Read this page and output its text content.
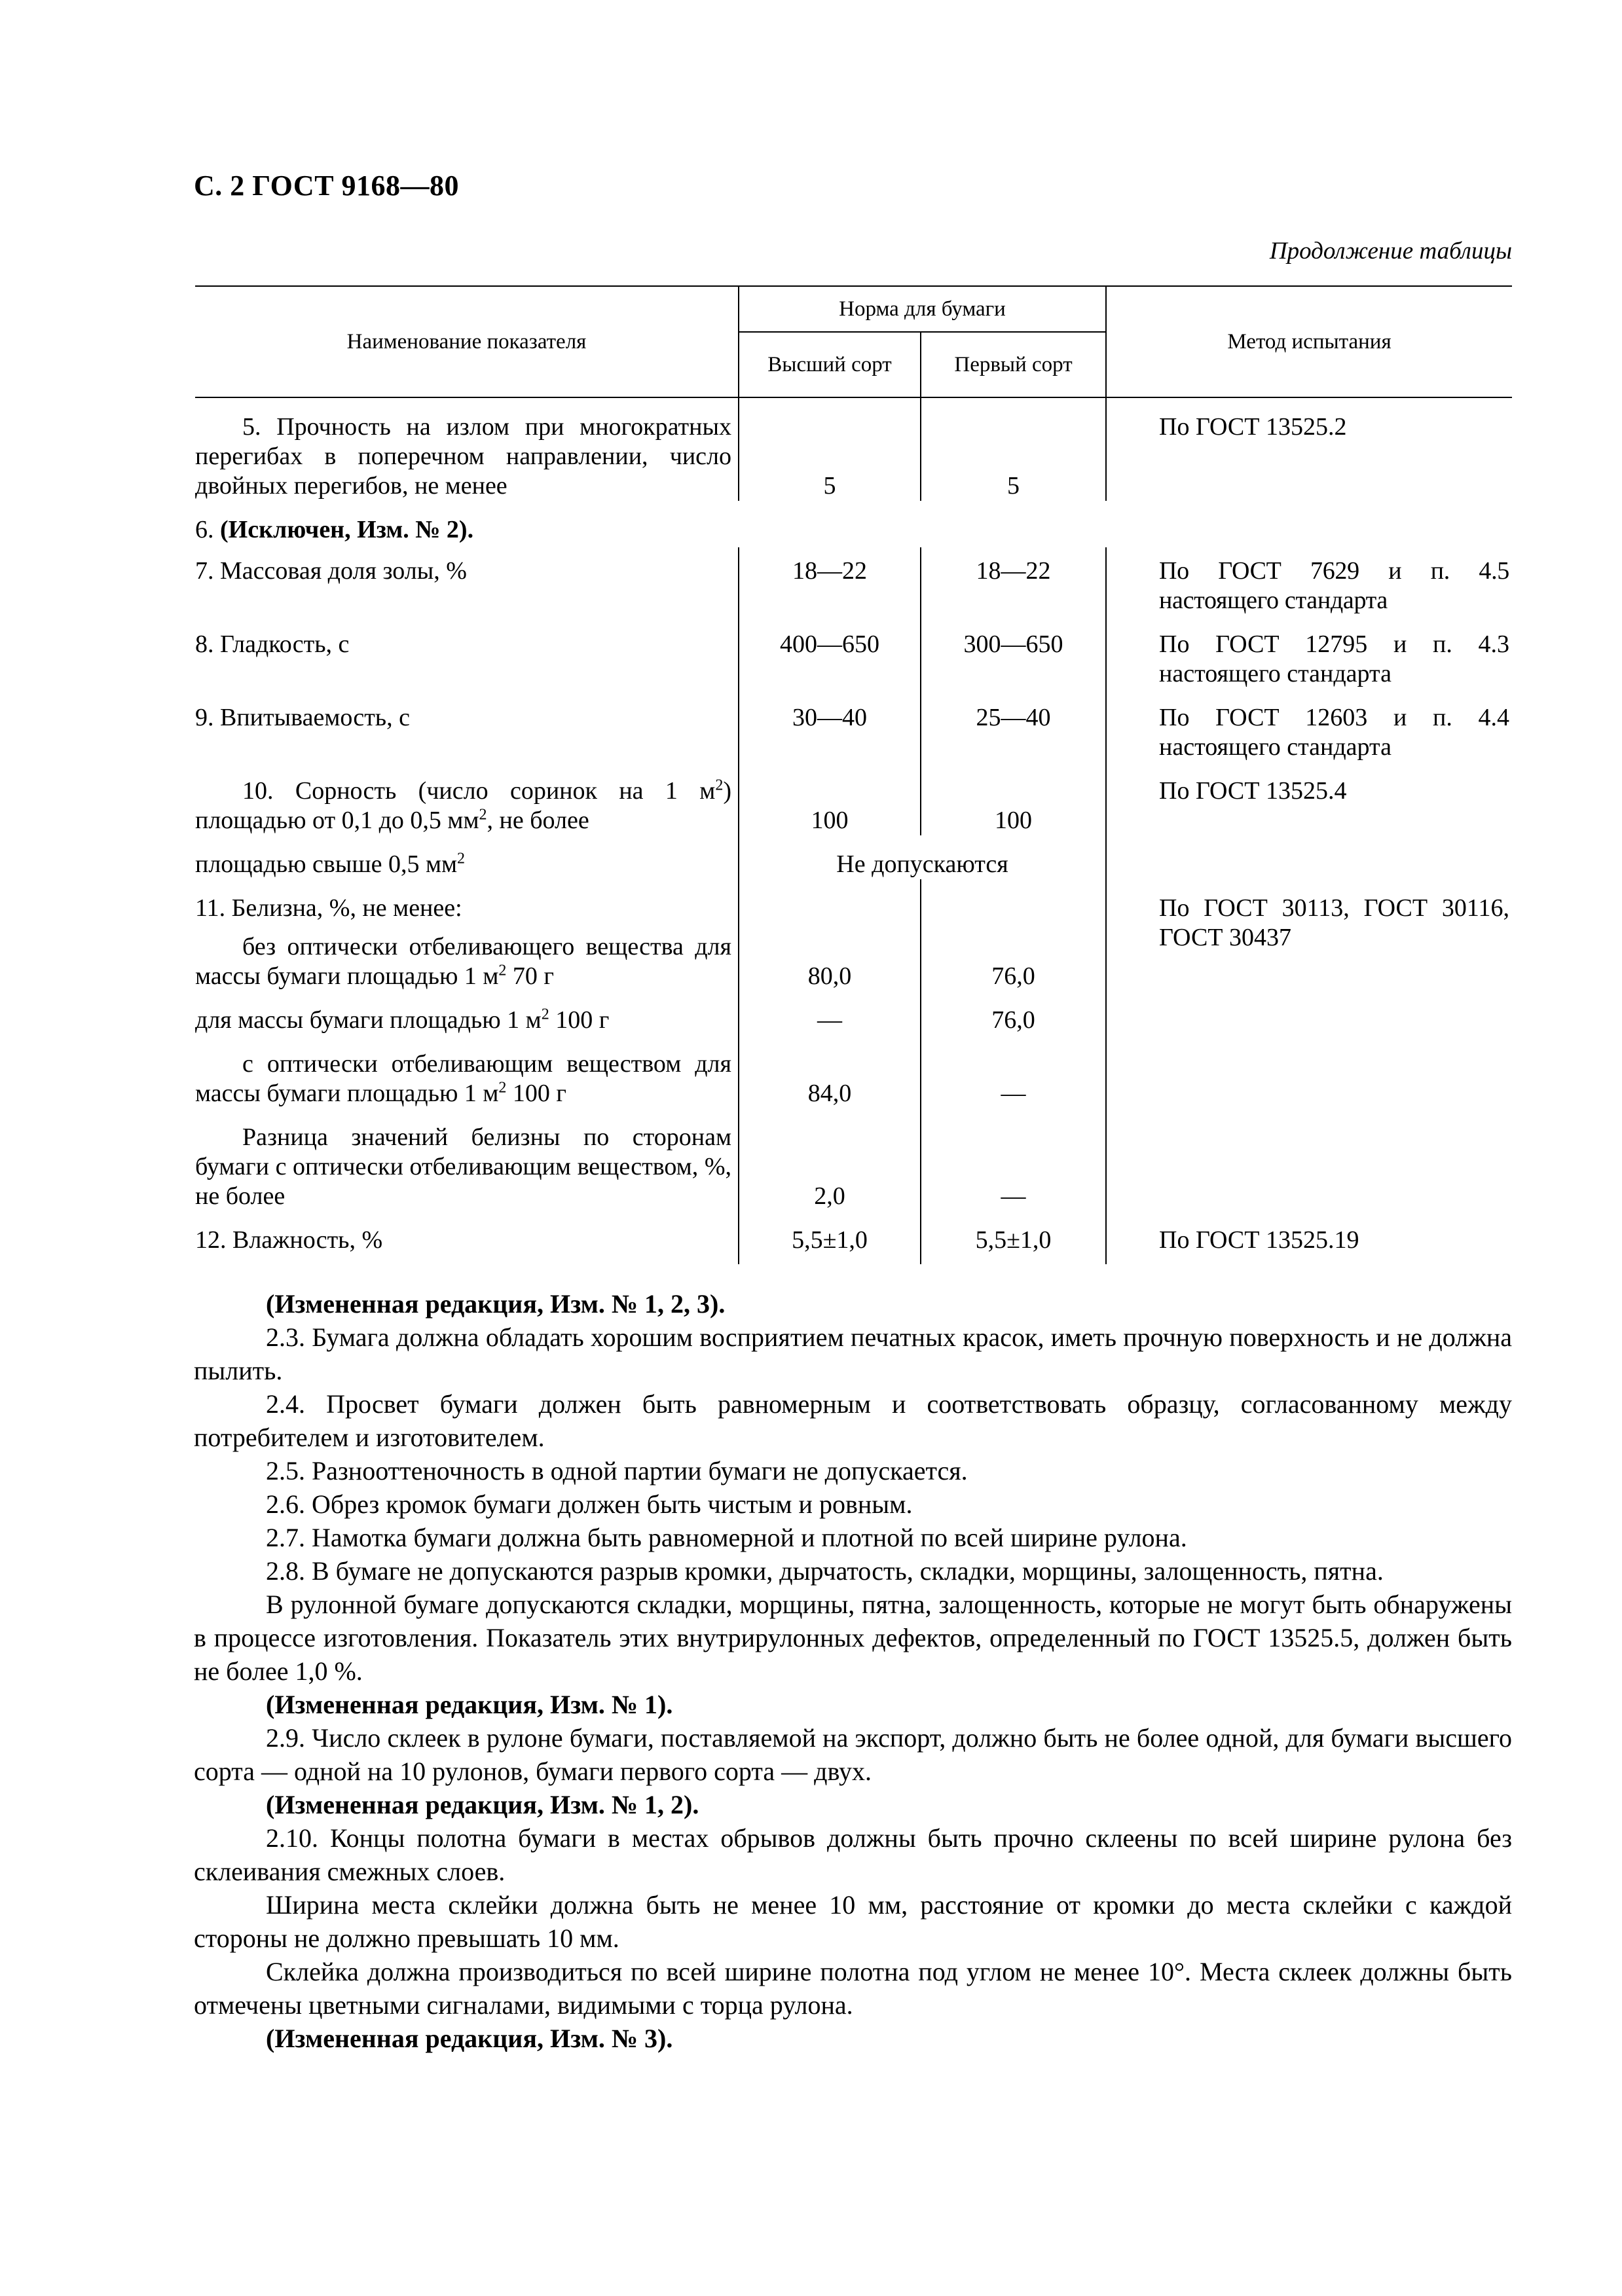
С. 2 ГОСТ 9168—80
Продолжение таблицы
Наименование показателя	Норма для бумаги		Метод испытания
	Высший сорт	Первый сорт	

5. Прочность на излом при многократных перегибах в поперечном направлении, число двойных перегибов, не менее	5	5	По ГОСТ 13525.2
6. (Исключен, Изм. № 2).			
7. Массовая доля золы, %	18—22	18—22	По ГОСТ 7629 и п. 4.5 настоящего стандарта
8. Гладкость, с	400—650	300—650	По ГОСТ 12795 и п. 4.3 настоящего стандарта
9. Впитываемость, с	30—40	25—40	По ГОСТ 12603 и п. 4.4 настоящего стандарта

10. Сорность (число соринок на 1 $м^2$) площадью от 0,1 до 0,5 $мм^2$, не более	100	100	По ГОСТ 13525.4
площадью свыше 0,5 $мм^2$	Не допускаются		
11. Белизна, %, не менее:			По ГОСТ 30113, ГОСТ 30116, ГОСТ 30437

без оптически отбеливающего вещества для массы бумаги площадью 1 $м^2$ 70 г	80,0	76,0	
для массы бумаги площадью 1 $м^2$ 100 г	—	76,0	

с оптически отбеливающим веществом для массы бумаги площадью 1 $м^2$ 100 г	84,0	—	

Разница значений белизны по сторонам бумаги с оптически отбеливающим веществом, %, не более	2,0	—	
12. Влажность, %	5,5±1,0	5,5±1,0	По ГОСТ 13525.19

(Измененная редакция, Изм. № 1, 2, 3).

2.3. Бумага должна обладать хорошим восприятием печатных красок, иметь прочную поверхность и не должна пылить.

2.4. Просвет бумаги должен быть равномерным и соответствовать образцу, согласованному между потребителем и изготовителем.

2.5. Разнооттеночность в одной партии бумаги не допускается.

2.6. Обрез кромок бумаги должен быть чистым и ровным.

2.7. Намотка бумаги должна быть равномерной и плотной по всей ширине рулона.

2.8. В бумаге не допускаются разрыв кромки, дырчатость, складки, морщины, залощенность, пятна.

В рулонной бумаге допускаются складки, морщины, пятна, залощенность, которые не могут быть обнаружены в процессе изготовления. Показатель этих внутрирулонных дефектов, определенный по ГОСТ 13525.5, должен быть не более 1,0 %.

(Измененная редакция, Изм. № 1).

2.9. Число склеек в рулоне бумаги, поставляемой на экспорт, должно быть не более одной, для бумаги высшего сорта — одной на 10 рулонов, бумаги первого сорта — двух.

(Измененная редакция, Изм. № 1, 2).

2.10. Концы полотна бумаги в местах обрывов должны быть прочно склеены по всей ширине рулона без склеивания смежных слоев.

Ширина места склейки должна быть не менее 10 мм, расстояние от кромки до места склейки с каждой стороны не должно превышать 10 мм.

Склейка должна производиться по всей ширине полотна под углом не менее 10°. Места склеек должны быть отмечены цветными сигналами, видимыми с торца рулона.

(Измененная редакция, Изм. № 3).
